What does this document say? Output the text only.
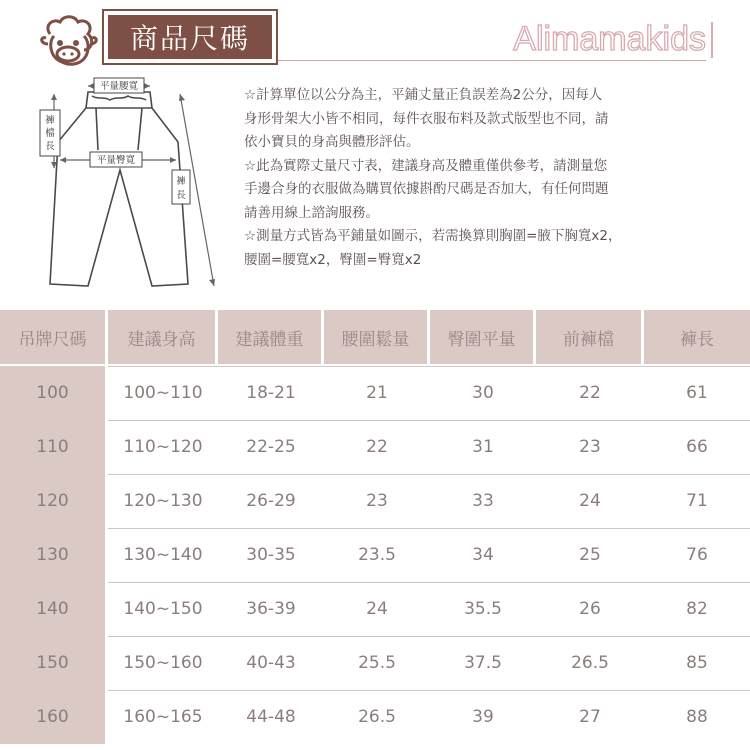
商品尺碼	Alimamakids
平量腰寬
平量臀寬
褲
檔
長
褲
長

☆計算單位以公分為主，平鋪丈量正負誤差為2公分，因每人

身形骨架大小皆不相同，每件衣服布料及款式版型也不同，請

依小寶貝的身高與體形評估。

☆此為實際丈量尺寸表，建議身高及體重僅供參考，請測量您

手邊合身的衣服做為購買依據斟酌尺碼是否加大，有任何問題

請善用線上諮詢服務。

☆測量方式皆為平鋪量如圖示，若需換算則胸圍=腋下胸寬x2，

腰圍=腰寬x2，臀圍=臀寬x2

吊牌尺碼	建議身高	建議體重	腰圍鬆量	臀圍平量	前褲檔	褲長
100	100~110	18-21	21	30	22	61
110	110~120	22-25	22	31	23	66
120	120~130	26-29	23	33	24	71
130	130~140	30-35	23.5	34	25	76
140	140~150	36-39	24	35.5	26	82
150	150~160	40-43	25.5	37.5	26.5	85
160	160~165	44-48	26.5	39	27	88
